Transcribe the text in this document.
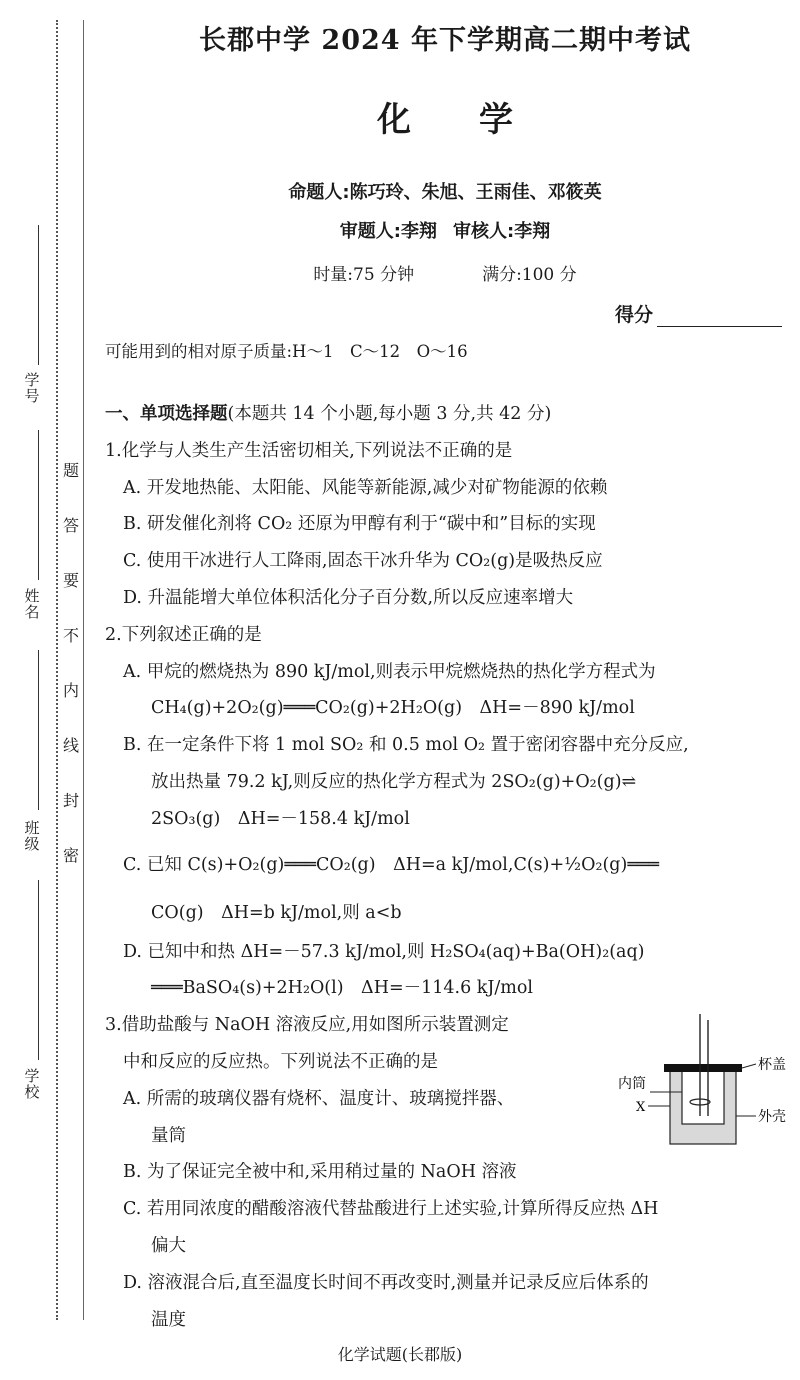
学 号
姓 名
班 级
学 校
题
答
要
不
内
线
封
密
长郡中学 2024 年下学期高二期中考试
化 学
命题人:陈巧玲、朱旭、王雨佳、邓筱英
审题人:李翔 审核人:李翔
时量:75 分钟	满分:100 分
得分
可能用到的相对原子质量:H～1　C～12　O～16
一、单项选择题(本题共 14 个小题,每小题 3 分,共 42 分)
1.化学与人类生产生活密切相关,下列说法不正确的是
A. 开发地热能、太阳能、风能等新能源,减少对矿物能源的依赖
B. 研发催化剂将 CO₂ 还原为甲醇有利于“碳中和”目标的实现
C. 使用干冰进行人工降雨,固态干冰升华为 CO₂(g)是吸热反应
D. 升温能增大单位体积活化分子百分数,所以反应速率增大
2.下列叙述正确的是
A. 甲烷的燃烧热为 890 kJ/mol,则表示甲烷燃烧热的热化学方程式为
CH₄(g)+2O₂(g)═══CO₂(g)+2H₂O(g)　ΔH=－890 kJ/mol
B. 在一定条件下将 1 mol SO₂ 和 0.5 mol O₂ 置于密闭容器中充分反应,
放出热量 79.2 kJ,则反应的热化学方程式为 2SO₂(g)+O₂(g)⇌
2SO₃(g)　ΔH=－158.4 kJ/mol
C. 已知 C(s)+O₂(g)═══CO₂(g)　ΔH=a kJ/mol,C(s)+½O₂(g)═══
CO(g)　ΔH=b kJ/mol,则 a<b
D. 已知中和热 ΔH=－57.3 kJ/mol,则 H₂SO₄(aq)+Ba(OH)₂(aq)
═══BaSO₄(s)+2H₂O(l)　ΔH=－114.6 kJ/mol
3.借助盐酸与 NaOH 溶液反应,用如图所示装置测定
中和反应的反应热。下列说法不正确的是
A. 所需的玻璃仪器有烧杯、温度计、玻璃搅拌器、
量筒
B. 为了保证完全被中和,采用稍过量的 NaOH 溶液
C. 若用同浓度的醋酸溶液代替盐酸进行上述实验,计算所得反应热 ΔH
偏大
D. 溶液混合后,直至温度长时间不再改变时,测量并记录反应后体系的
温度
杯盖
内筒
X
外壳
化学试题(长郡版)
